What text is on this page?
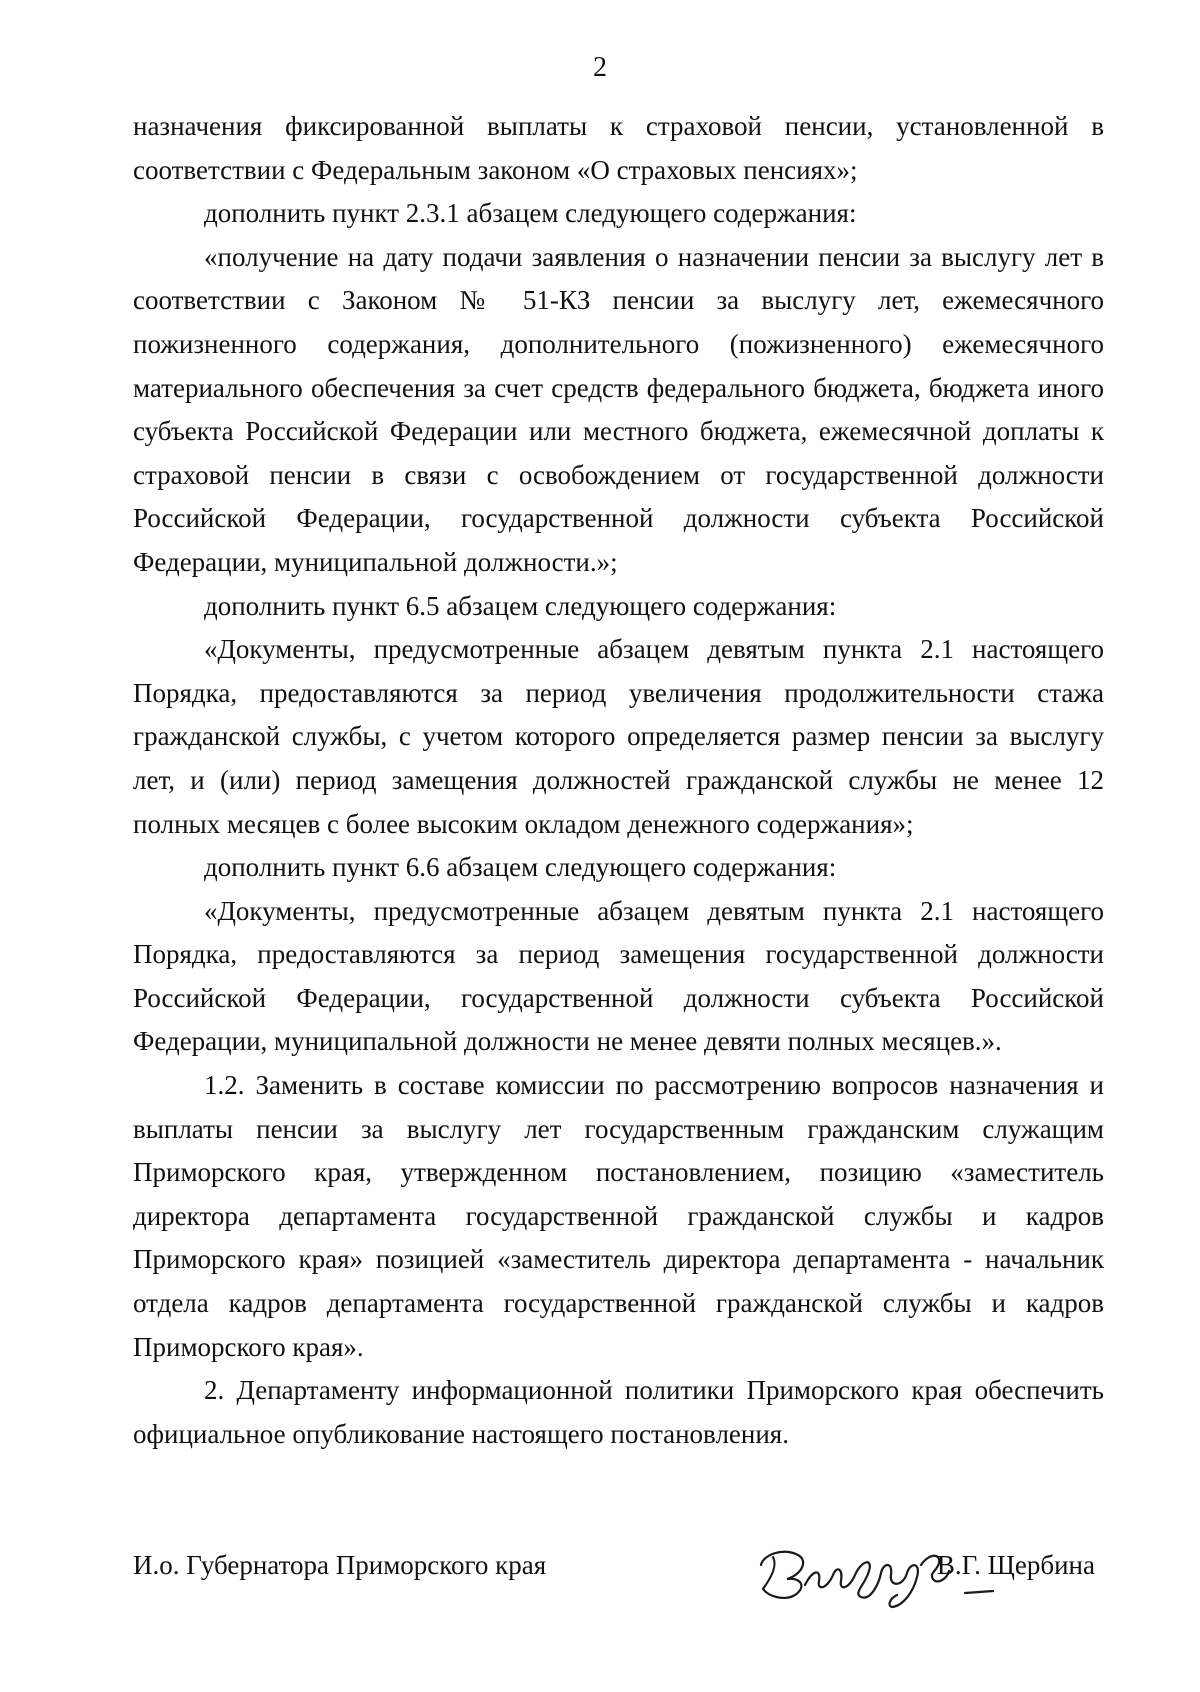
2

назначения фиксированной выплаты к страховой пенсии, установленной в соответствии с Федеральным законом «О страховых пенсиях»;

дополнить пункт 2.3.1 абзацем следующего содержания:

«получение на дату подачи заявления о назначении пенсии за выслугу лет в соответствии с Законом № 51-КЗ пенсии за выслугу лет, ежемесячного пожизненного содержания, дополнительного (пожизненного) ежемесячного материального обеспечения за счет средств федерального бюджета, бюджета иного субъекта Российской Федерации или местного бюджета, ежемесячной доплаты к страховой пенсии в связи с освобождением от государственной должности Российской Федерации, государственной должности субъекта Российской Федерации, муниципальной должности.»;

дополнить пункт 6.5 абзацем следующего содержания:

«Документы, предусмотренные абзацем девятым пункта 2.1 настоящего Порядка, предоставляются за период увеличения продолжительности стажа гражданской службы, с учетом которого определяется размер пенсии за выслугу лет, и (или) период замещения должностей гражданской службы не менее 12 полных месяцев с более высоким окладом денежного содержания»;

дополнить пункт 6.6 абзацем следующего содержания:

«Документы, предусмотренные абзацем девятым пункта 2.1 настоящего Порядка, предоставляются за период замещения государственной должности Российской Федерации, государственной должности субъекта Российской Федерации, муниципальной должности не менее девяти полных месяцев.».

1.2. Заменить в составе комиссии по рассмотрению вопросов назначения и выплаты пенсии за выслугу лет государственным гражданским служащим Приморского края, утвержденном постановлением, позицию «заместитель директора департамента государственной гражданской службы и кадров Приморского края» позицией «заместитель директора департамента - начальник отдела кадров департамента государственной гражданской службы и кадров Приморского края».

2. Департаменту информационной политики Приморского края обеспечить официальное опубликование настоящего постановления.

И.о. Губернатора Приморского края	В.Г. Щербина
